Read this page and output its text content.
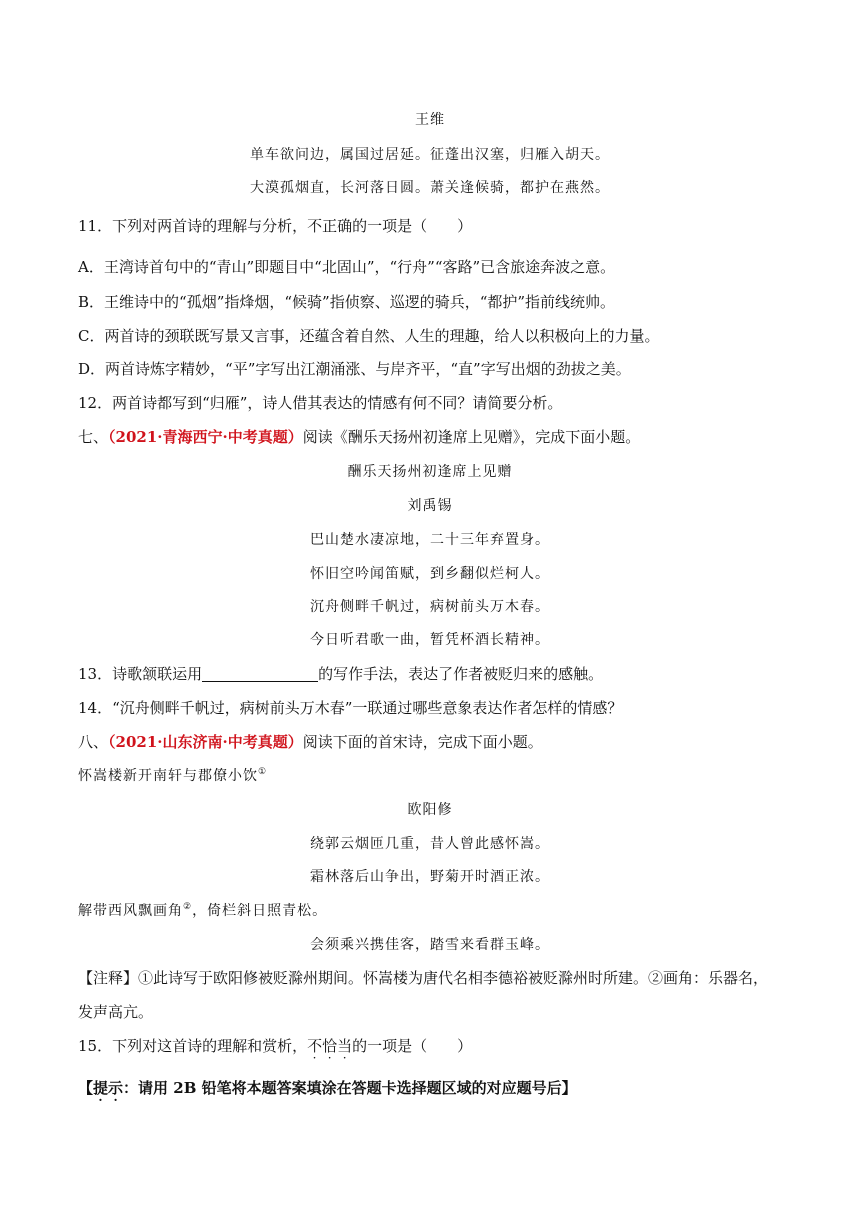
王维
单车欲问边，属国过居延。征蓬出汉塞，归雁入胡天。
大漠孤烟直，长河落日圆。萧关逢候骑，都护在燕然。
11．下列对两首诗的理解与分析，不正确的一项是（　　）
A．王湾诗首句中的“青山”即题目中“北固山”，“行舟”“客路”已含旅途奔波之意。
B．王维诗中的“孤烟”指烽烟，“候骑”指侦察、巡逻的骑兵，“都护”指前线统帅。
C．两首诗的颈联既写景又言事，还蕴含着自然、人生的理趣，给人以积极向上的力量。
D．两首诗炼字精妙，“平”字写出江潮涌涨、与岸齐平，“直”字写出烟的劲拔之美。
12．两首诗都写到“归雁”，诗人借其表达的情感有何不同？请简要分析。
七、（2021·青海西宁·中考真题）阅读《酬乐天扬州初逢席上见赠》，完成下面小题。
酬乐天扬州初逢席上见赠
刘禹锡
巴山楚水凄凉地，二十三年弃置身。
怀旧空吟闻笛赋，到乡翻似烂柯人。
沉舟侧畔千帆过，病树前头万木春。
今日听君歌一曲，暂凭杯酒长精神。
13．诗歌颔联运用	的写作手法，表达了作者被贬归来的感触。
14．“沉舟侧畔千帆过，病树前头万木春”一联通过哪些意象表达作者怎样的情感？
八、（2021·山东济南·中考真题）阅读下面的首宋诗，完成下面小题。
怀嵩楼新开南轩与郡僚小饮①
欧阳修
绕郭云烟匝几重，昔人曾此感怀嵩。
霜林落后山争出，野菊开时酒正浓。
解带西风飘画角②，倚栏斜日照青松。
会须乘兴携佳客，踏雪来看群玉峰。
【注释】①此诗写于欧阳修被贬滁州期间。怀嵩楼为唐代名相李德裕被贬滁州时所建。②画角：乐器名，
发声高亢。
15．下列对这首诗的理解和赏析，不恰当的一项是（　　）
【提示：请用 2B 铅笔将本题答案填涂在答题卡选择题区域的对应题号后】
